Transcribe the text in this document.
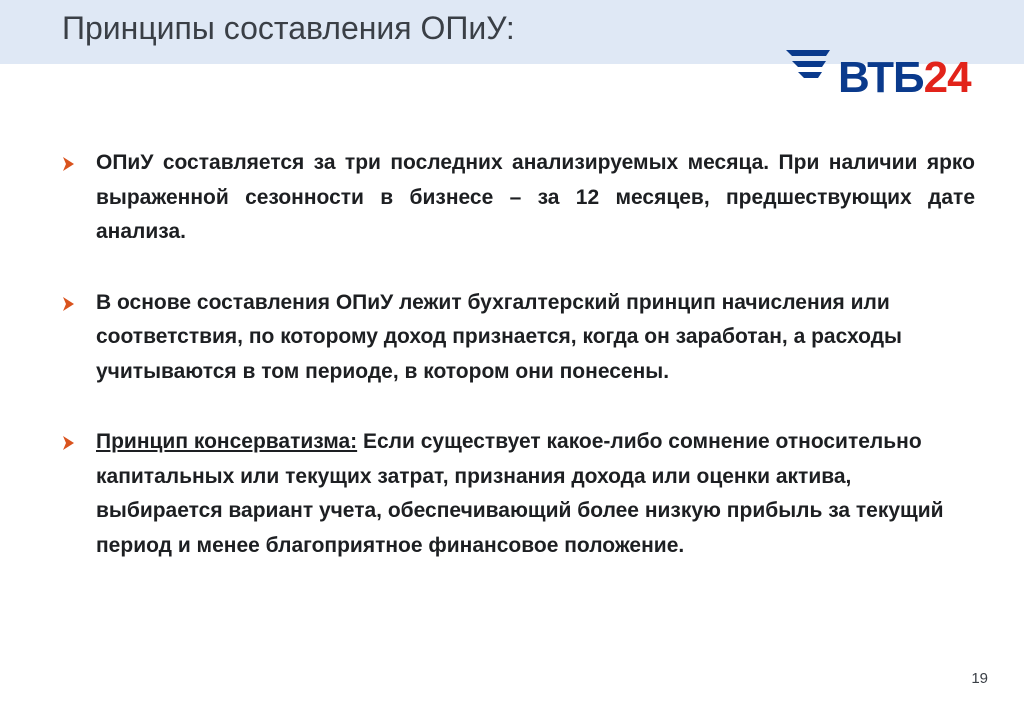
Принципы составления ОПиУ:
ВТБ24
ОПиУ составляется за три последних анализируемых месяца. При наличии ярко выраженной сезонности в бизнесе – за 12 месяцев, предшествующих дате анализа.
В основе составления ОПиУ лежит бухгалтерский принцип начисления или соответствия, по которому доход признается, когда он заработан, а расходы учитываются в том периоде, в котором они понесены.
Принцип консерватизма: Если существует какое-либо сомнение относительно капитальных или текущих затрат, признания дохода или оценки актива, выбирается вариант учета, обеспечивающий более низкую прибыль за текущий период и менее благоприятное финансовое положение.
19
